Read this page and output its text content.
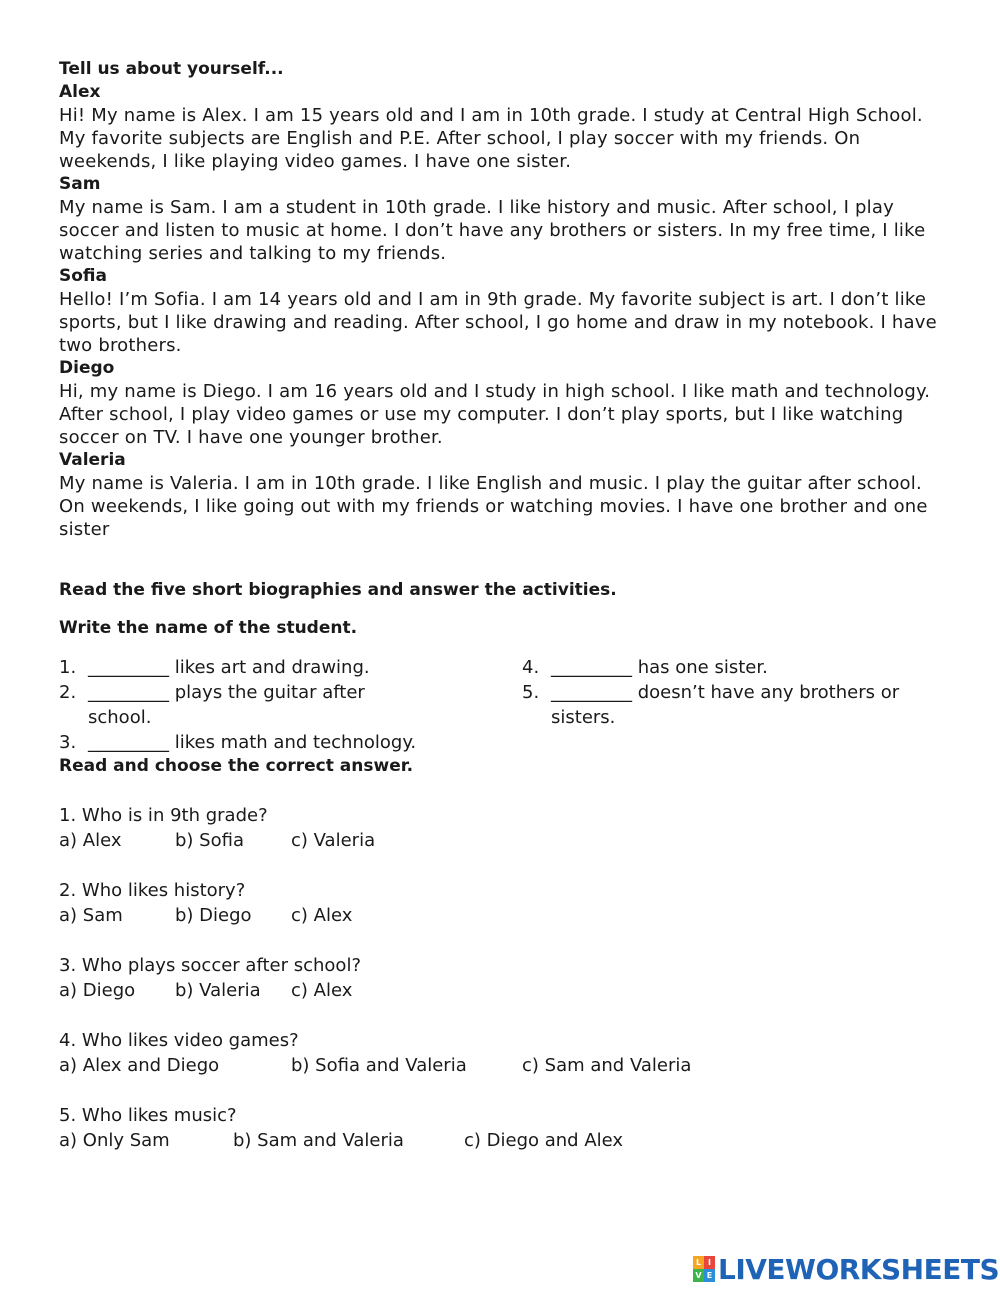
Tell us about yourself...

Alex

Hi! My name is Alex. I am 15 years old and I am in 10th grade. I study at Central High School. My favorite subjects are English and P.E. After school, I play soccer with my friends. On weekends, I like playing video games. I have one sister.

Sam

My name is Sam. I am a student in 10th grade. I like history and music. After school, I play soccer and listen to music at home. I don’t have any brothers or sisters. In my free time, I like watching series and talking to my friends.

Sofia

Hello! I’m Sofia. I am 14 years old and I am in 9th grade. My favorite subject is art. I don’t like sports, but I like drawing and reading. After school, I go home and draw in my notebook. I have two brothers.

Diego

Hi, my name is Diego. I am 16 years old and I study in high school. I like math and technology. After school, I play video games or use my computer. I don’t play sports, but I like watching soccer on TV. I have one younger brother.

Valeria

My name is Valeria. I am in 10th grade. I like English and music. I play the guitar after school. On weekends, I like going out with my friends or watching movies. I have one brother and one sister

Read the five short biographies and answer the activities.

Write the name of the student.

1. _________ likes art and drawing.
2. _________ plays the guitar after school.
3. _________ likes math and technology.
4. _________ has one sister.
5. _________ doesn’t have any brothers or sisters.

Read and choose the correct answer.

1. Who is in 9th grade?

a) Alex	b) Sofia	c) Valeria

2. Who likes history?

a) Sam	b) Diego c) Alex

3. Who plays soccer after school?

a) Diego b) Valeria c) Alex

4. Who likes video games?

a) Alex and Diego	b) Sofia and Valeria	c) Sam and Valeria

5. Who likes music?

a) Only Sam	b) Sam and Valeria	c) Diego and Alex

L I
V E LIVEWORKSHEETS
